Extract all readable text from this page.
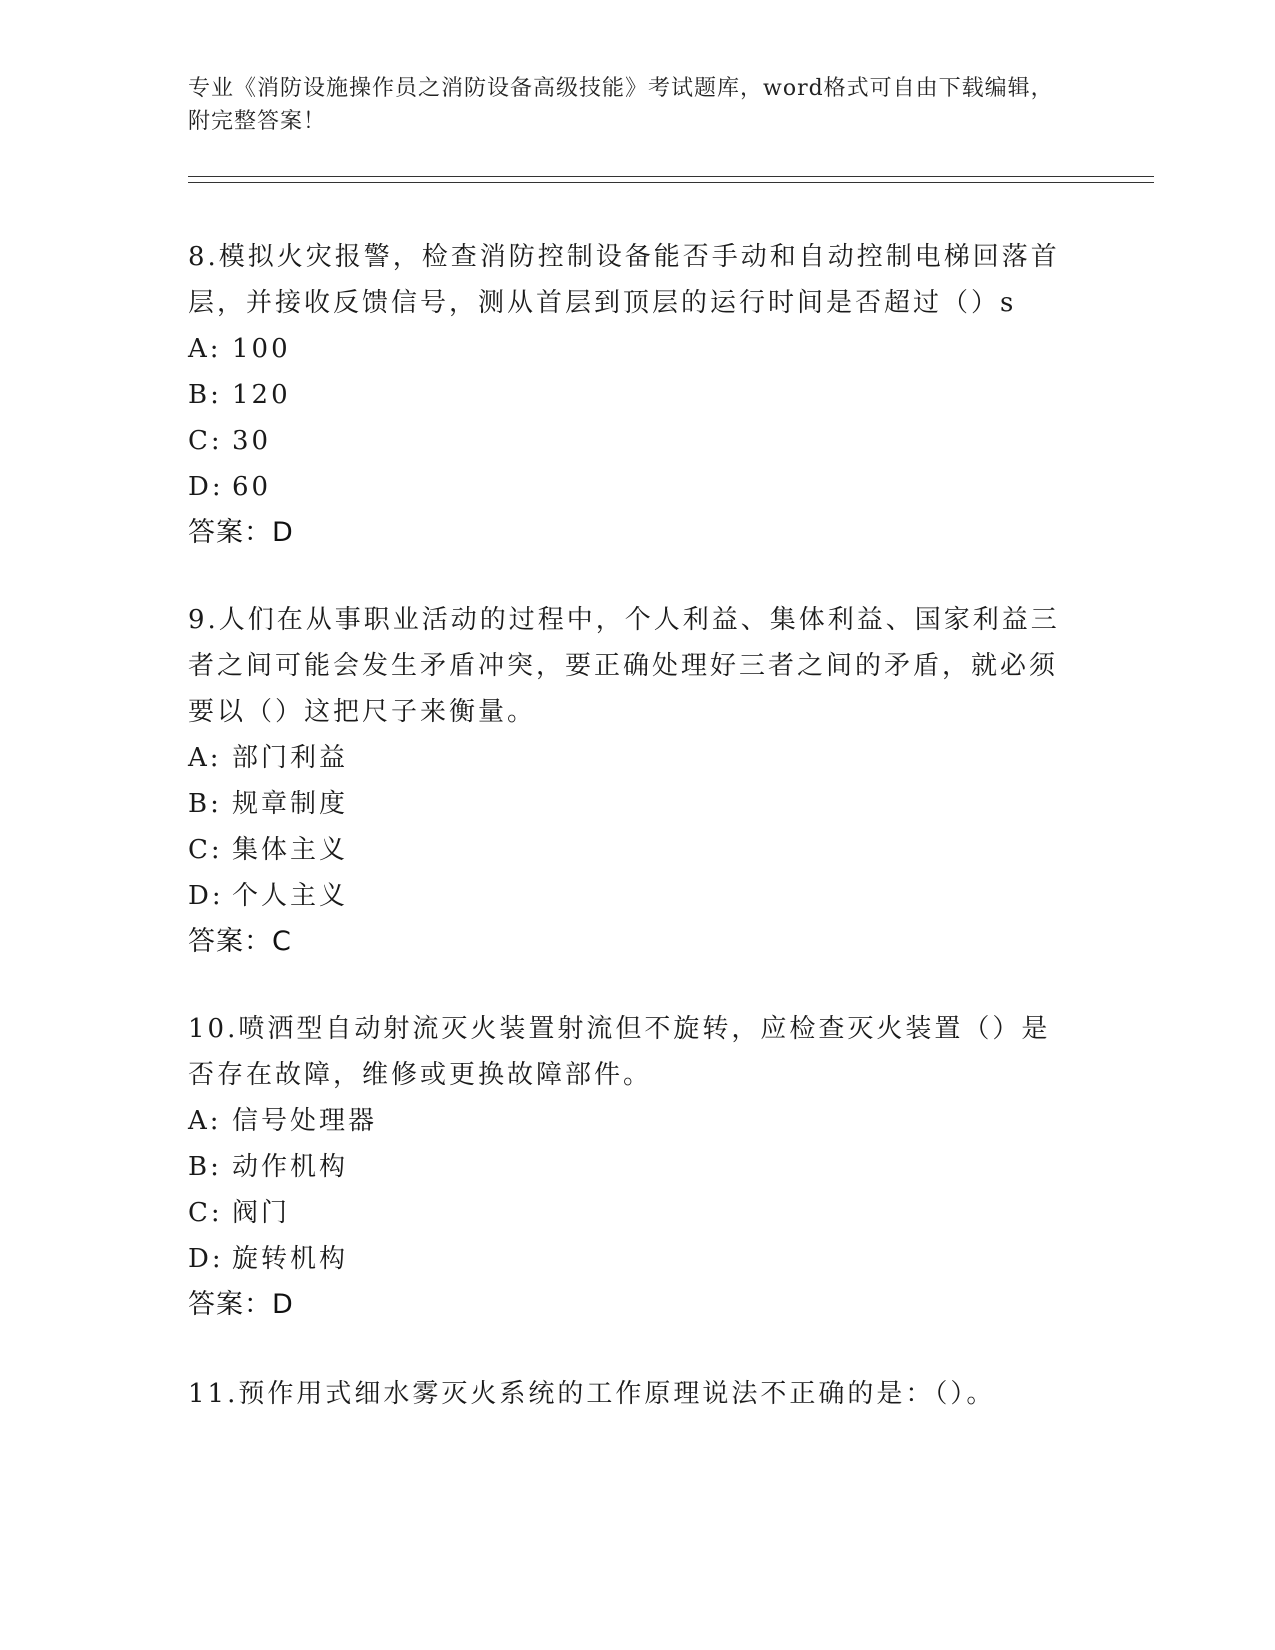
专业《消防设施操作员之消防设备高级技能》考试题库，word格式可自由下载编辑，附完整答案！

8.模拟火灾报警，检查消防控制设备能否手动和自动控制电梯回落首层，并接收反馈信号，测从首层到顶层的运行时间是否超过（）s

A: 100

B: 120

C: 30

D: 60

答案：D

9.人们在从事职业活动的过程中，个人利益、集体利益、国家利益三者之间可能会发生矛盾冲突，要正确处理好三者之间的矛盾，就必须要以（）这把尺子来衡量。

A: 部门利益

B: 规章制度

C: 集体主义

D: 个人主义

答案：C

10.喷洒型自动射流灭火装置射流但不旋转，应检查灭火装置（）是否存在故障，维修或更换故障部件。

A: 信号处理器

B: 动作机构

C: 阀门

D: 旋转机构

答案：D

11.预作用式细水雾灭火系统的工作原理说法不正确的是：（）。
